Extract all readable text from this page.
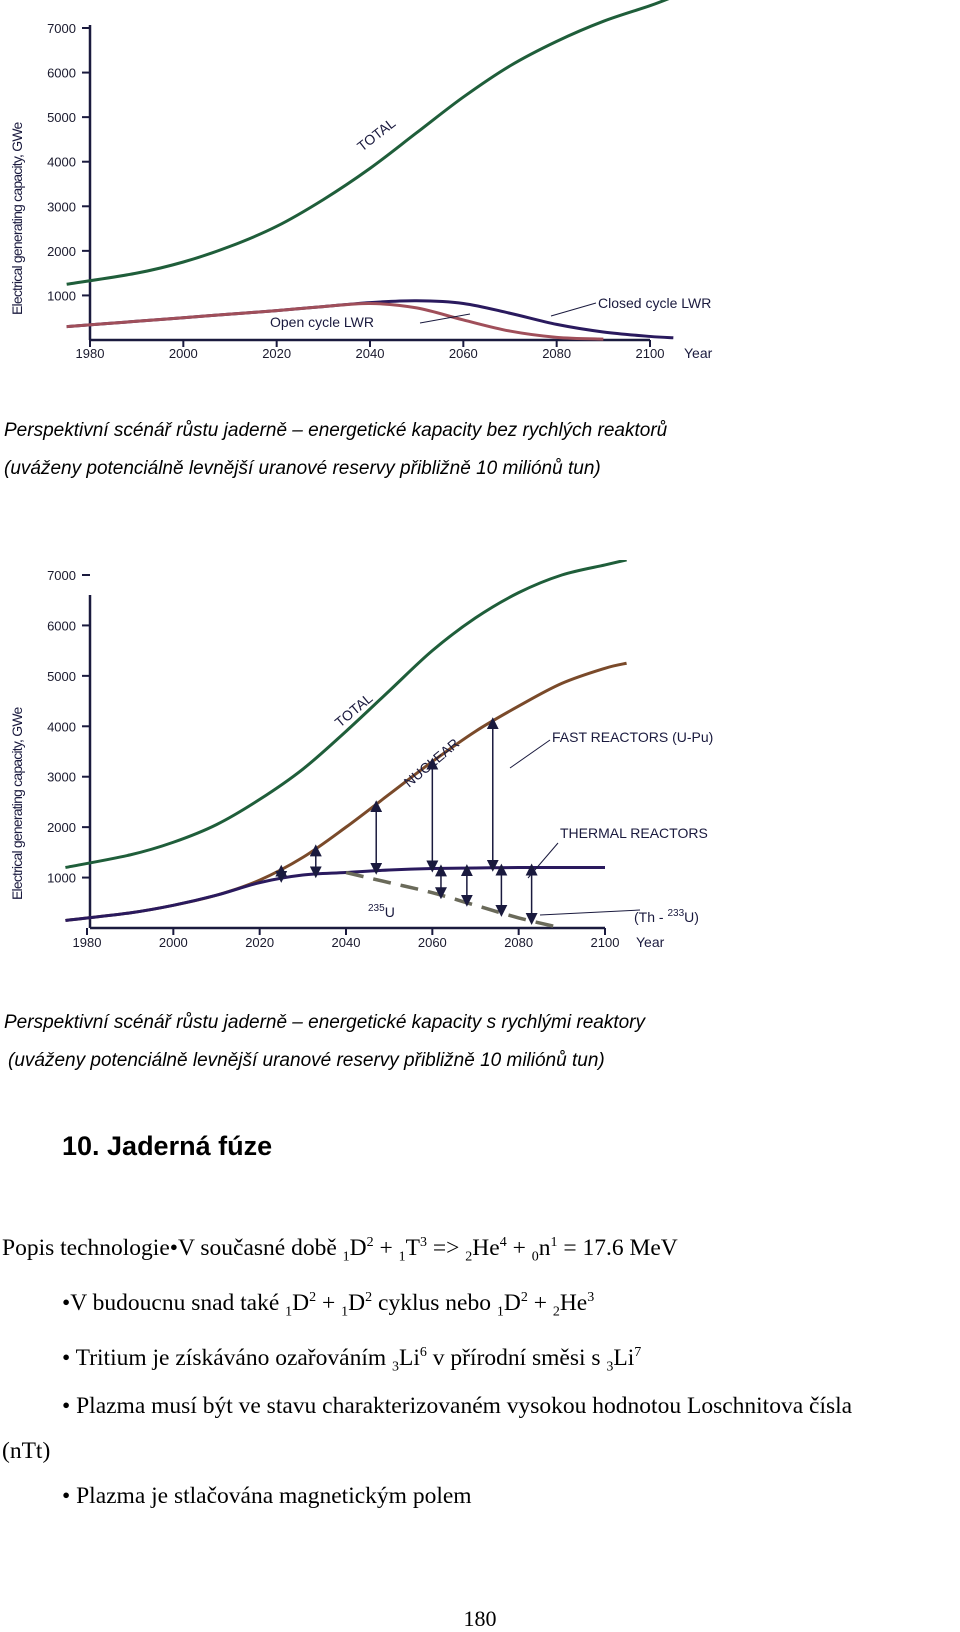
Electrical generating capacity, GWe 1000
2000
3000
4000
5000
6000
7000
1980	2000	2020	2040	2060	2080	2100
TOTAL
Closed cycle LWR
Open cycle LWR
Year
Perspektivní scénář růstu jaderně – energetické kapacity bez rychlých reaktorů
(uváženy potenciálně levnější uranové reservy přibližně 10 miliónů tun)
Electrical generating capacity, GWe 1000
2000
3000
4000
5000
6000
7000
1980	2000	2020	2040	2060	2080	2100
TOTAL
NUCLEAR	FAST REACTORS (U-Pu)
THERMAL REACTORS
$^{235}$U	(Th - $^{233}$U)
Year
Perspektivní scénář růstu jaderně – energetické kapacity s rychlými reaktory
(uváženy potenciálně levnější uranové reservy přibližně 10 miliónů tun)
10. Jaderná fúze
Popis technologie•V současné době $_1D^2 + _1T^3 => _2He^4 + _0n^1 = 17.6$ MeV
•V budoucnu snad také $_1D^2 + _1D^2$ cyklus nebo $_1D^2 + _2He^3$
• Tritium je získáváno ozařováním $_3Li^6$ v přírodní směsi s $_3Li^7$
• Plazma musí být ve stavu charakterizovaném vysokou hodnotou Loschnitova čísla
(nTt)
• Plazma je stlačována magnetickým polem
180
